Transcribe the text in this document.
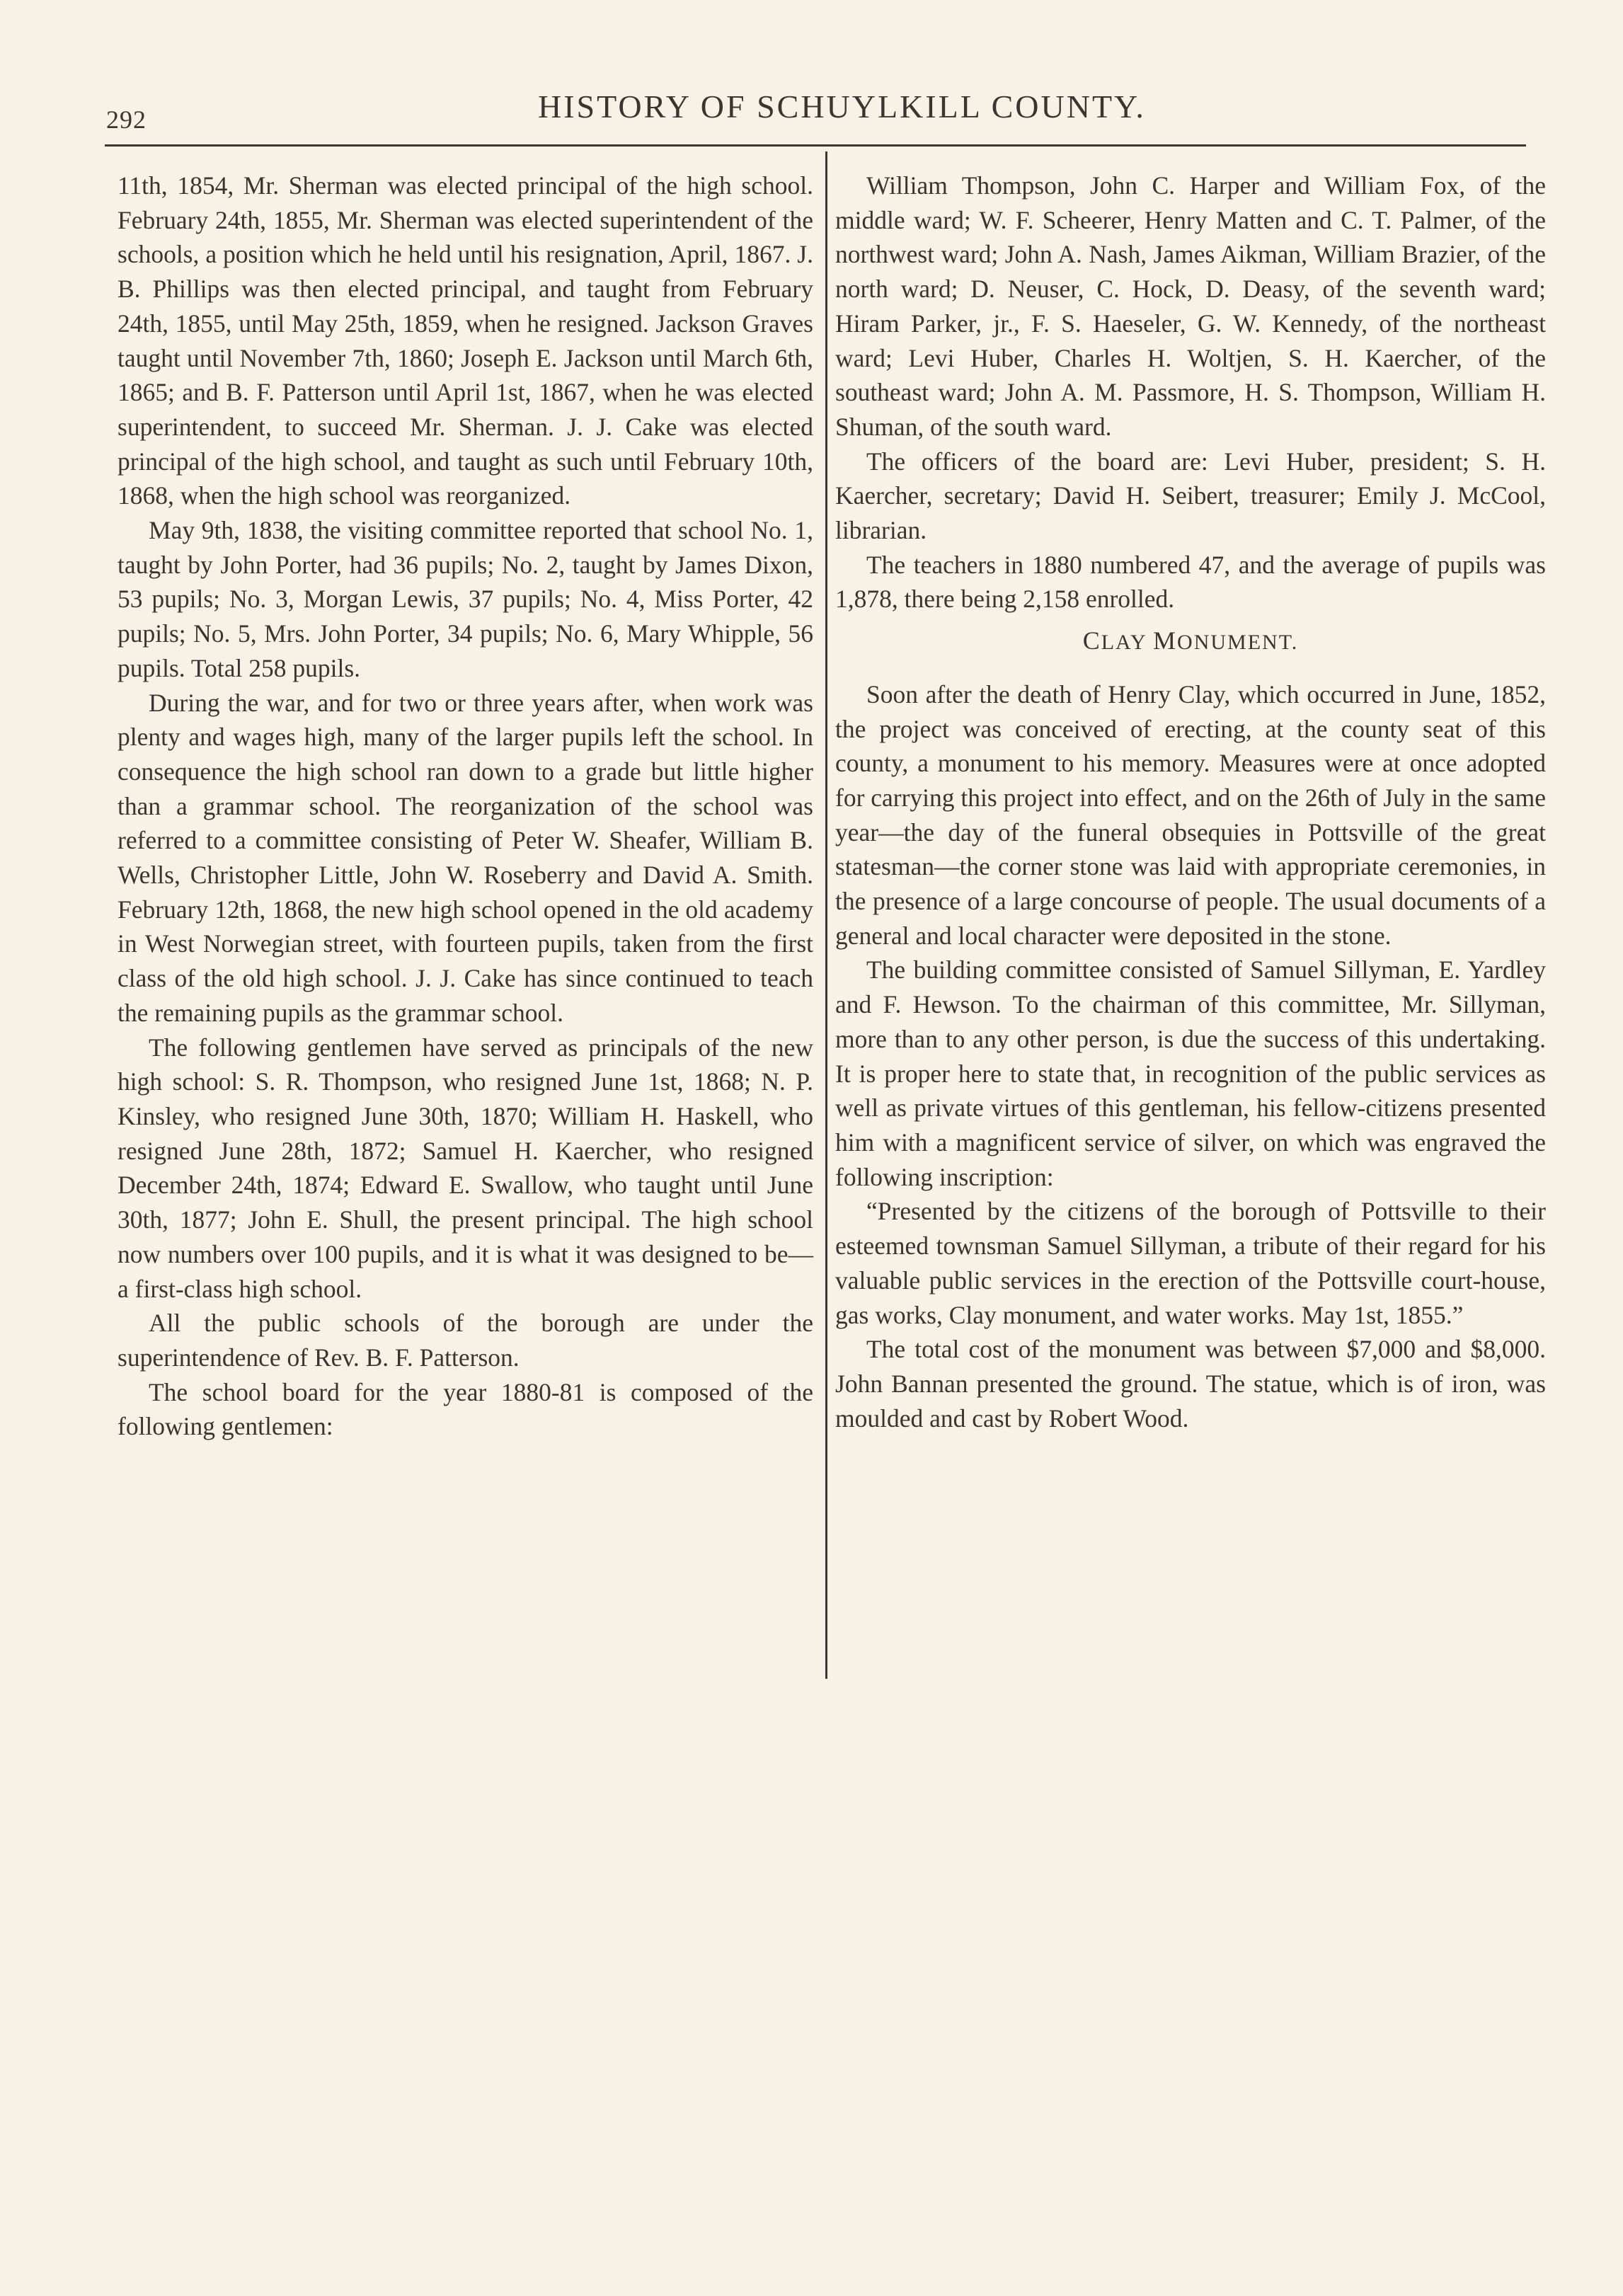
292	HISTORY OF SCHUYLKILL COUNTY.

11th, 1854, Mr. Sherman was elected principal of the high school. February 24th, 1855, Mr. Sherman was elected superintendent of the schools, a position which he held until his resignation, April, 1867. J. B. Phillips was then elected principal, and taught from February 24th, 1855, until May 25th, 1859, when he resigned. Jackson Graves taught until November 7th, 1860; Joseph E. Jackson until March 6th, 1865; and B. F. Patterson until April 1st, 1867, when he was elected superintendent, to succeed Mr. Sherman. J. J. Cake was elected principal of the high school, and taught as such until February 10th, 1868, when the high school was reorganized.

May 9th, 1838, the visiting committee reported that school No. 1, taught by John Porter, had 36 pupils; No. 2, taught by James Dixon, 53 pupils; No. 3, Morgan Lewis, 37 pupils; No. 4, Miss Porter, 42 pupils; No. 5, Mrs. John Porter, 34 pupils; No. 6, Mary Whipple, 56 pupils. Total 258 pupils.

During the war, and for two or three years after, when work was plenty and wages high, many of the larger pupils left the school. In consequence the high school ran down to a grade but little higher than a grammar school. The reorganization of the school was referred to a committee consisting of Peter W. Sheafer, William B. Wells, Christopher Little, John W. Roseberry and David A. Smith. February 12th, 1868, the new high school opened in the old academy in West Norwegian street, with fourteen pupils, taken from the first class of the old high school. J. J. Cake has since continued to teach the remaining pupils as the grammar school.

The following gentlemen have served as principals of the new high school: S. R. Thompson, who resigned June 1st, 1868; N. P. Kinsley, who resigned June 30th, 1870; William H. Haskell, who resigned June 28th, 1872; Samuel H. Kaercher, who resigned December 24th, 1874; Edward E. Swallow, who taught until June 30th, 1877; John E. Shull, the present principal. The high school now numbers over 100 pupils, and it is what it was designed to be—a first-class high school.

All the public schools of the borough are under the superintendence of Rev. B. F. Patterson.

The school board for the year 1880-81 is composed of the following gentlemen:

William Thompson, John C. Harper and William Fox, of the middle ward; W. F. Scheerer, Henry Matten and C. T. Palmer, of the northwest ward; John A. Nash, James Aikman, William Brazier, of the north ward; D. Neuser, C. Hock, D. Deasy, of the seventh ward; Hiram Parker, jr., F. S. Haeseler, G. W. Kennedy, of the northeast ward; Levi Huber, Charles H. Woltjen, S. H. Kaercher, of the southeast ward; John A. M. Passmore, H. S. Thompson, William H. Shuman, of the south ward.

The officers of the board are: Levi Huber, president; S. H. Kaercher, secretary; David H. Seibert, treasurer; Emily J. McCool, librarian.

The teachers in 1880 numbered 47, and the average of pupils was 1,878, there being 2,158 enrolled.

CLAY MONUMENT.

Soon after the death of Henry Clay, which occurred in June, 1852, the project was conceived of erecting, at the county seat of this county, a monument to his memory. Measures were at once adopted for carrying this project into effect, and on the 26th of July in the same year—the day of the funeral obsequies in Pottsville of the great statesman—the corner stone was laid with appropriate ceremonies, in the presence of a large concourse of people. The usual documents of a general and local character were deposited in the stone.

The building committee consisted of Samuel Sillyman, E. Yardley and F. Hewson. To the chairman of this committee, Mr. Sillyman, more than to any other person, is due the success of this undertaking. It is proper here to state that, in recognition of the public services as well as private virtues of this gentleman, his fellow-citizens presented him with a magnificent service of silver, on which was engraved the following inscription:

“Presented by the citizens of the borough of Pottsville to their esteemed townsman Samuel Sillyman, a tribute of their regard for his valuable public services in the erection of the Pottsville court-house, gas works, Clay monument, and water works. May 1st, 1855.”

The total cost of the monument was between $7,000 and $8,000. John Bannan presented the ground. The statue, which is of iron, was moulded and cast by Robert Wood.
